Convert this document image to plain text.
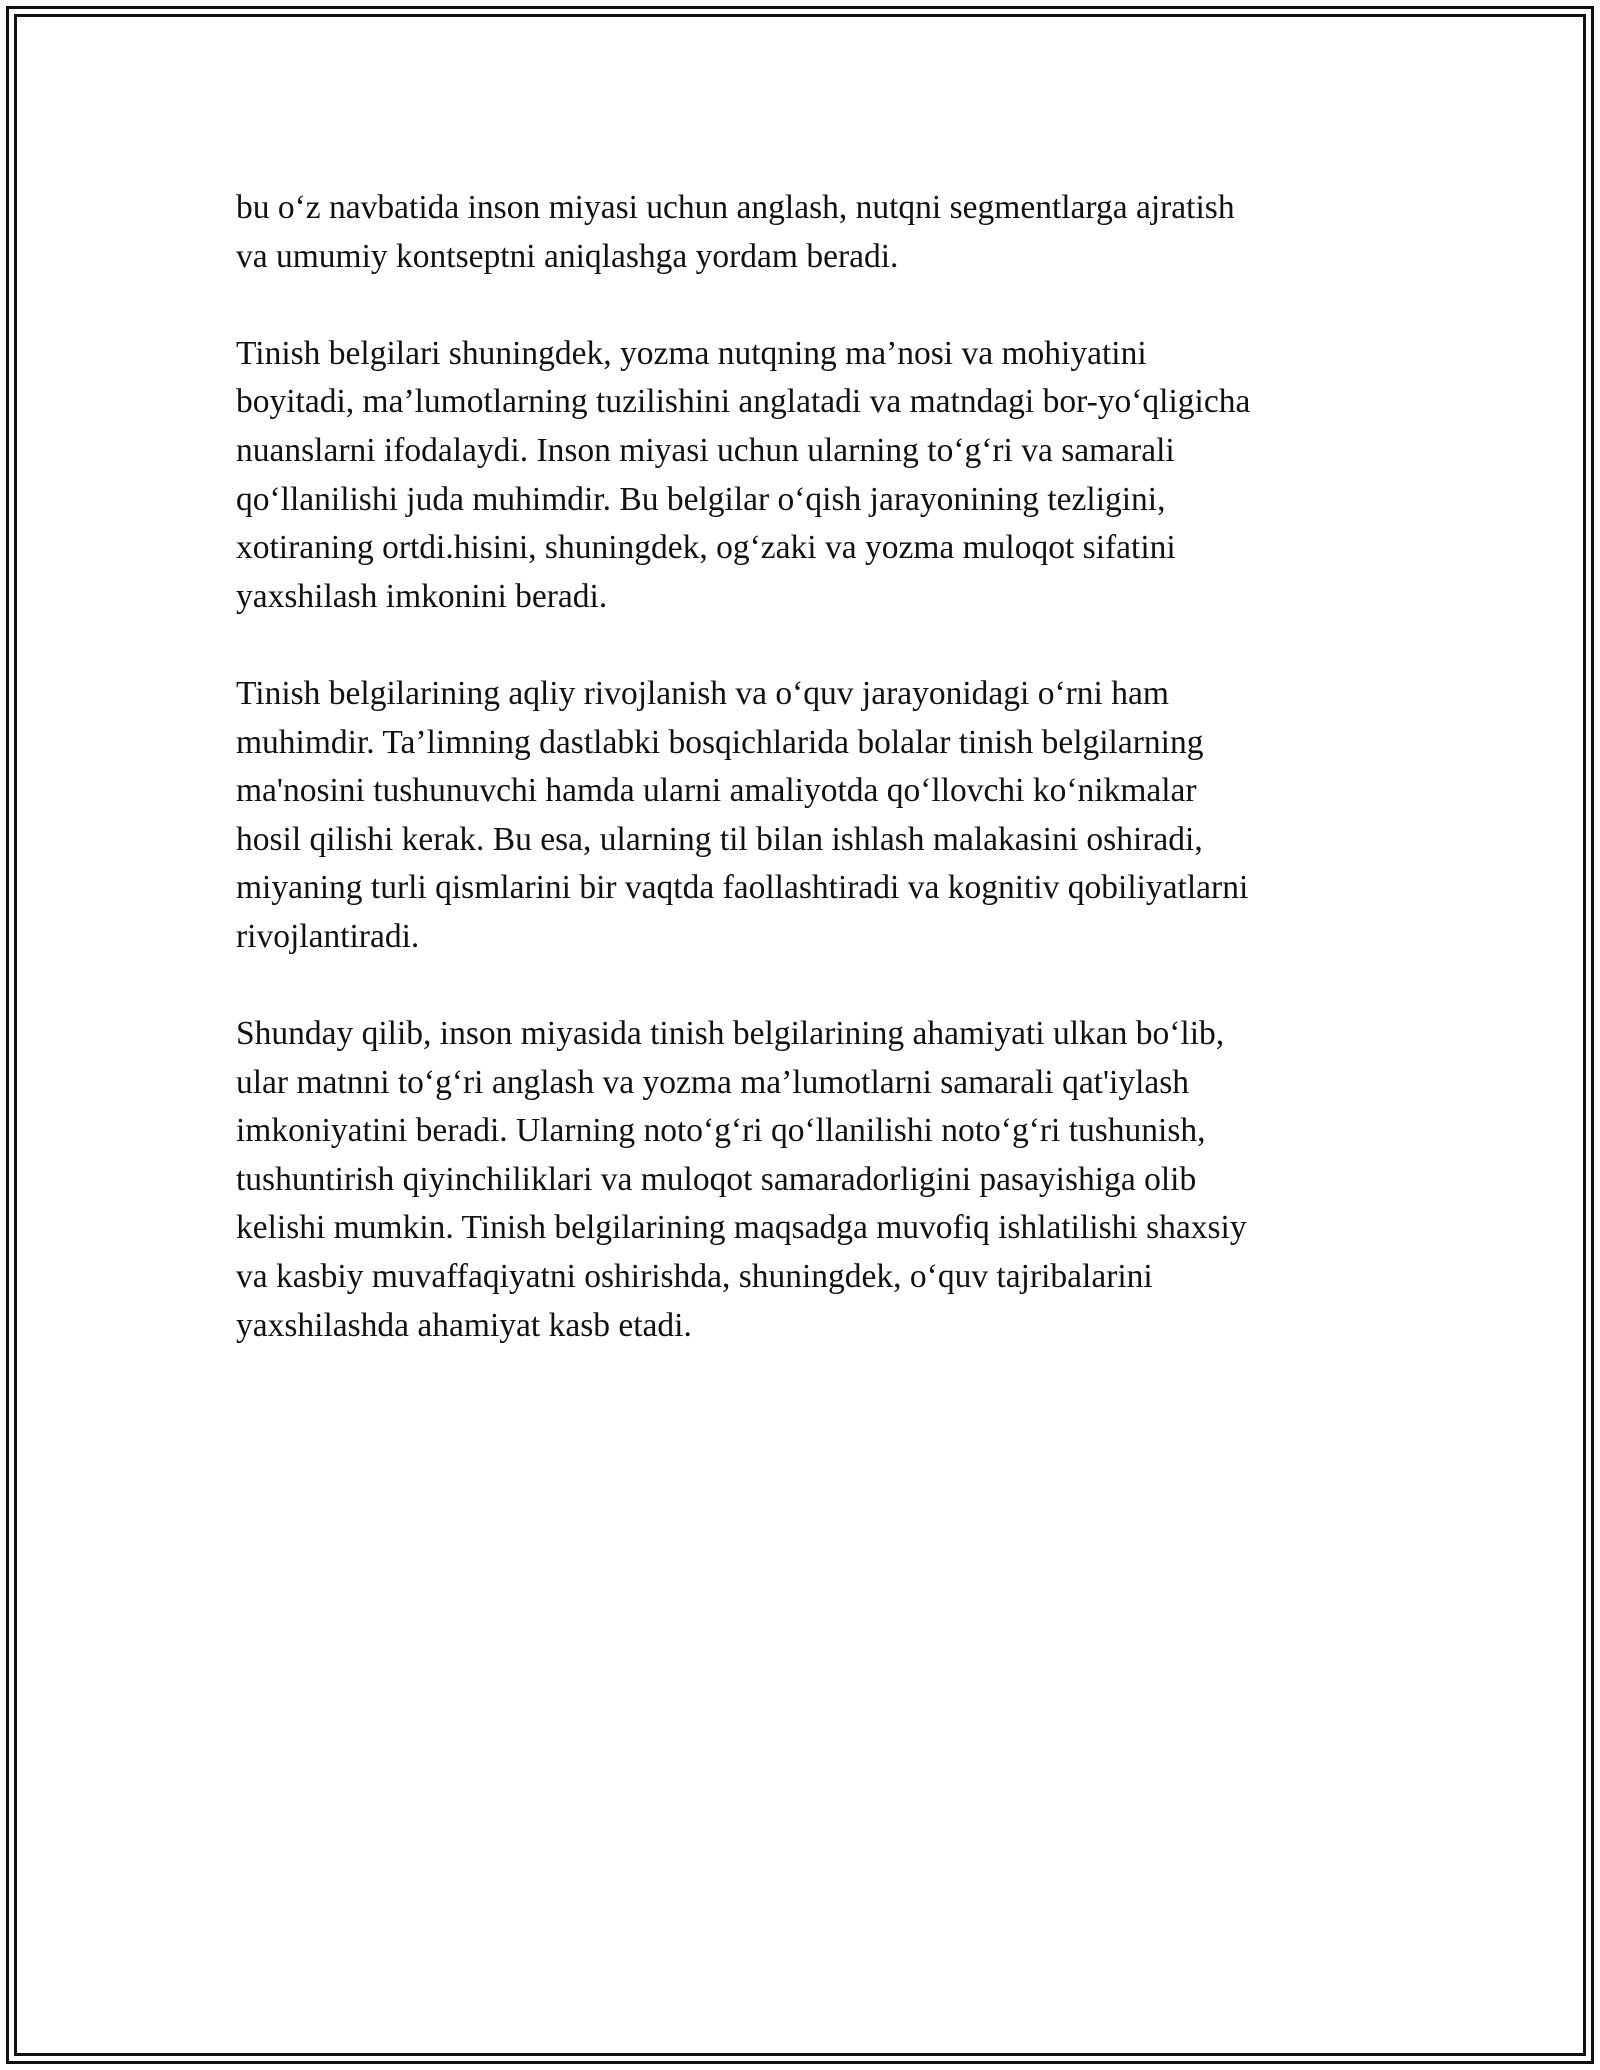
bu o‘z navbatida inson miyasi uchun anglash, nutqni segmentlarga ajratish
va umumiy kontseptni aniqlashga yordam beradi.

Tinish belgilari shuningdek, yozma nutqning ma’nosi va mohiyatini
boyitadi, ma’lumotlarning tuzilishini anglatadi va matndagi bor-yo‘qligicha
nuanslarni ifodalaydi. Inson miyasi uchun ularning to‘g‘ri va samarali
qo‘llanilishi juda muhimdir. Bu belgilar o‘qish jarayonining tezligini,
xotiraning ortdi.hisini, shuningdek, og‘zaki va yozma muloqot sifatini
yaxshilash imkonini beradi.

Tinish belgilarining aqliy rivojlanish va o‘quv jarayonidagi o‘rni ham
muhimdir. Ta’limning dastlabki bosqichlarida bolalar tinish belgilarning
ma'nosini tushunuvchi hamda ularni amaliyotda qo‘llovchi ko‘nikmalar
hosil qilishi kerak. Bu esa, ularning til bilan ishlash malakasini oshiradi,
miyaning turli qismlarini bir vaqtda faollashtiradi va kognitiv qobiliyatlarni
rivojlantiradi.

Shunday qilib, inson miyasida tinish belgilarining ahamiyati ulkan bo‘lib,
ular matnni to‘g‘ri anglash va yozma ma’lumotlarni samarali qat'iylash
imkoniyatini beradi. Ularning noto‘g‘ri qo‘llanilishi noto‘g‘ri tushunish,
tushuntirish qiyinchiliklari va muloqot samaradorligini pasayishiga olib
kelishi mumkin. Tinish belgilarining maqsadga muvofiq ishlatilishi shaxsiy
va kasbiy muvaffaqiyatni oshirishda, shuningdek, o‘quv tajribalarini
yaxshilashda ahamiyat kasb etadi.
